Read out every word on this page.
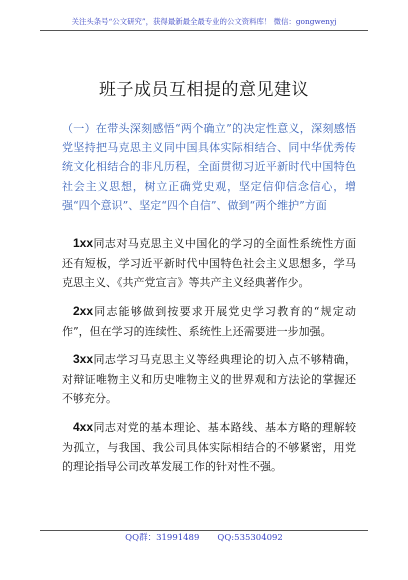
关注头条号“公文研究”，获得最新最全最专业的公文资料库！ 微信：gongwenyj
班子成员互相提的意见建议
（一）在带头深刻感悟“两个确立”的决定性意义，深刻感悟党坚持把马克思主义同中国具体实际相结合、同中华优秀传统文化相结合的非凡历程，全面贯彻习近平新时代中国特色社会主义思想，树立正确党史观，坚定信仰信念信心，增强“四个意识”、坚定“四个自信”、做到“两个维护”方面
1xx同志对马克思主义中国化的学习的全面性系统性方面还有短板，学习近平新时代中国特色社会主义思想多，学马克思主义、《共产党宣言》等共产主义经典著作少。
2xx同志能够做到按要求开展党史学习教育的“规定动作”，但在学习的连续性、系统性上还需要进一步加强。
3xx同志学习马克思主义等经典理论的切入点不够精确，对辩证唯物主义和历史唯物主义的世界观和方法论的掌握还不够充分。
4xx同志对党的基本理论、基本路线、基本方略的理解较为孤立，与我国、我公司具体实际相结合的不够紧密，用党的理论指导公司改革发展工作的针对性不强。
QQ群：31991489 QQ:535304092
